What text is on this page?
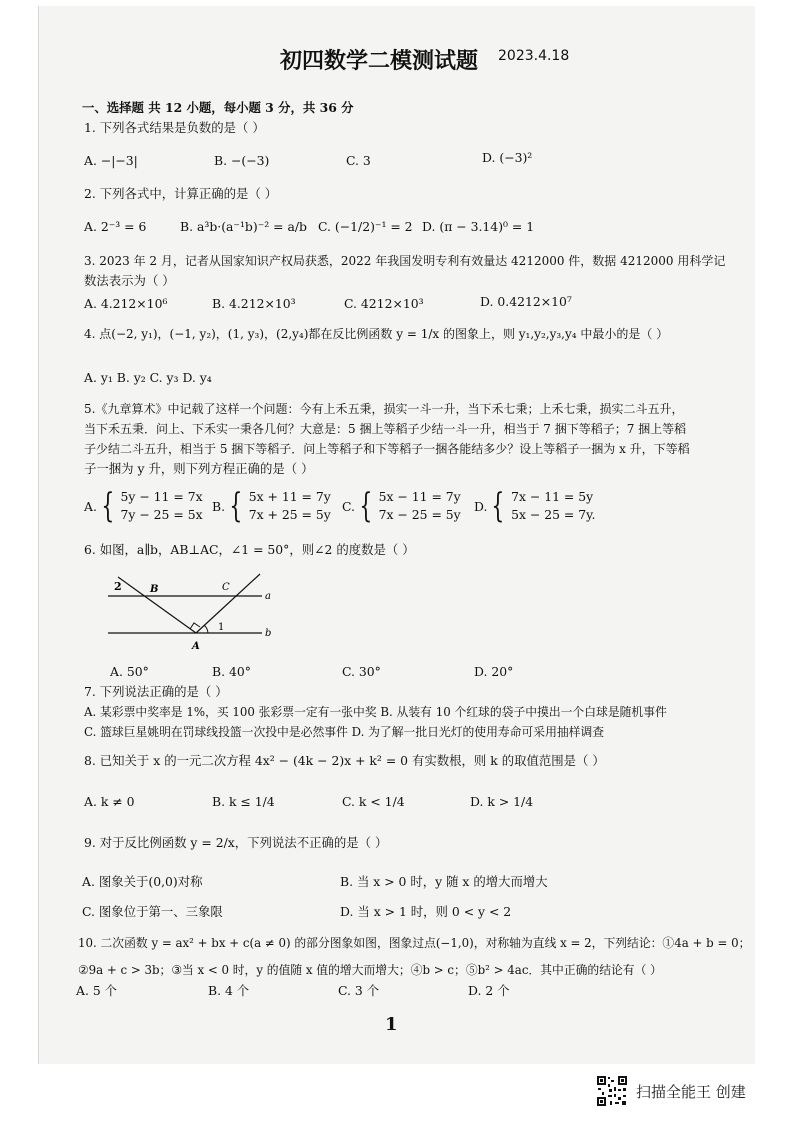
初四数学二模测试题 2023.4.18
一、选择题 共 12 小题，每小题 3 分，共 36 分
1. 下列各式结果是负数的是（ ）
A. −|−3|	B. −(−3)	C. 3	D. (−3)²
2. 下列各式中，计算正确的是（ ）
A. 2⁻³ = 6	B. a³b·(a⁻¹b)⁻² = a/b C. (−1/2)⁻¹ = 2 D. (π − 3.14)⁰ = 1
3. 2023 年 2 月，记者从国家知识产权局获悉，2022 年我国发明专利有效量达 4212000 件，数据 4212000 用科学记
数法表示为（ ）
A. 4.212×10⁶	B. 4.212×10³	C. 4212×10³	D. 0.4212×10⁷
4. 点(−2, y₁)，(−1, y₂)，(1, y₃)，(2,y₄)都在反比例函数 y = 1/x 的图象上，则 y₁,y₂,y₃,y₄ 中最小的是（ ）
A. y₁ B. y₂ C. y₃ D. y₄
5.《九章算术》中记载了这样一个问题：今有上禾五秉，损实一斗一升，当下禾七秉；上禾七秉，损实二斗五升，
当下禾五秉．问上、下禾实一秉各几何？大意是：5 捆上等稻子少结一斗一升，相当于 7 捆下等稻子；7 捆上等稻
子少结二斗五升，相当于 5 捆下等稻子．问上等稻子和下等稻子一捆各能结多少？设上等稻子一捆为 x 升，下等稻
子一捆为 y 升，则下列方程正确的是（ ）
A. { 5y − 11 = 7x
7y − 25 = 5x
B. { 5x + 11 = 7y
7x + 25 = 5y
C. { 5x − 11 = 7y
7x − 25 = 5y
D. { 7x − 11 = 5y
5x − 25 = 7y.
6. 如图，a∥b，AB⊥AC，∠1 = 50°，则∠2 的度数是（ ）
2	B	C
a
b
A
1
A. 50°	B. 40°	C. 30°	D. 20°
7. 下列说法正确的是（ ）
A. 某彩票中奖率是 1%，买 100 张彩票一定有一张中奖 B. 从装有 10 个红球的袋子中摸出一个白球是随机事件
C. 篮球巨星姚明在罚球线投篮一次投中是必然事件 D. 为了解一批日光灯的使用寿命可采用抽样调查
8. 已知关于 x 的一元二次方程 4x² − (4k − 2)x + k² = 0 有实数根，则 k 的取值范围是（ ）
A. k ≠ 0	B. k ≤ 1/4	C. k < 1/4	D. k > 1/4
9. 对于反比例函数 y = 2/x，下列说法不正确的是（ ）
A. 图象关于(0,0)对称	B. 当 x > 0 时，y 随 x 的增大而增大
C. 图象位于第一、三象限	D. 当 x > 1 时，则 0 < y < 2
10. 二次函数 y = ax² + bx + c(a ≠ 0) 的部分图象如图，图象过点(−1,0)，对称轴为直线 x = 2，下列结论：①4a + b = 0；
②9a + c > 3b；③当 x < 0 时，y 的值随 x 值的增大而增大；④b > c；⑤b² > 4ac．其中正确的结论有（ ）
A. 5 个	B. 4 个	C. 3 个	D. 2 个
1
扫描全能王 创建
